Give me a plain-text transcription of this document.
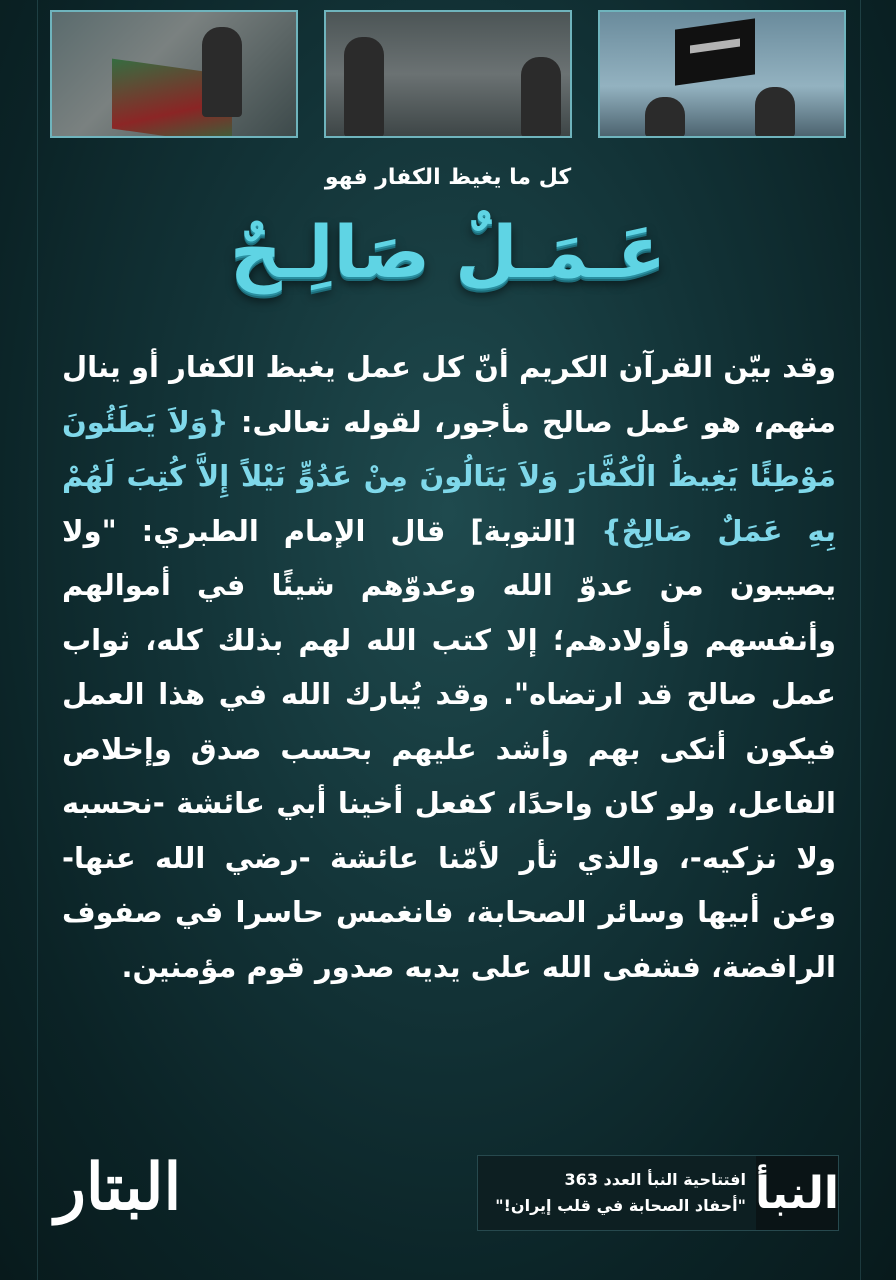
كل ما يغيظ الكفار فهو
عَـمَـلٌ صَالِـحٌ
وقد بيّن القرآن الكريم أنّ كل عمل يغيظ الكفار أو ينال منهم، هو عمل صالح مأجور، لقوله تعالى: {وَلاَ يَطَئُونَ مَوْطِئًا يَغِيظُ الْكُفَّارَ وَلاَ يَنَالُونَ مِنْ عَدُوٍّ نَيْلاً إِلاَّ كُتِبَ لَهُمْ بِهِ عَمَلٌ صَالِحٌ} [التوبة] قال الإمام الطبري: "ولا يصيبون من عدوّ الله وعدوّهم شيئًا في أموالهم وأنفسهم وأولادهم؛ إلا كتب الله لهم بذلك كله، ثواب عمل صالح قد ارتضاه". وقد يُبارك الله في هذا العمل فيكون أنكى بهم وأشد عليهم بحسب صدق وإخلاص الفاعل، ولو كان واحدًا، كفعل أخينا أبي عائشة -نحسبه ولا نزكيه-، والذي ثأر لأمّنا عائشة -رضي الله عنها- وعن أبيها وسائر الصحابة، فانغمس حاسرا في صفوف الرافضة، فشفى الله على يديه صدور قوم مؤمنين.
البتار	افتتاحية النبأ العدد 363
"أحفاد الصحابة في قلب إيران!" النبأ
